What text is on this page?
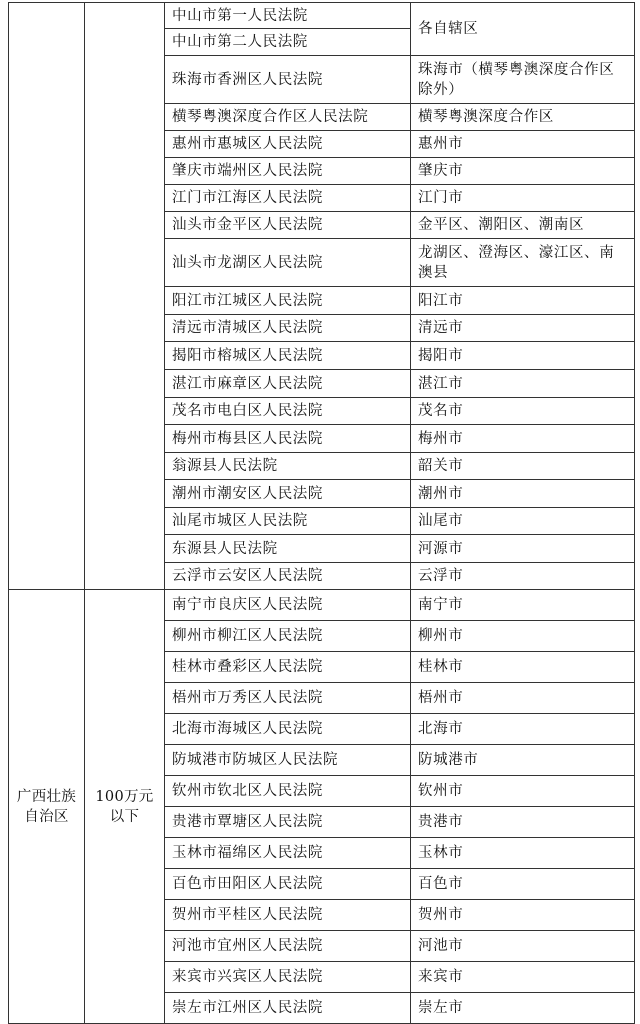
		中山市第一人民法院	各自辖区
		中山市第二人民法院	
		珠海市香洲区人民法院	珠海市（横琴粤澳深度合作区除外）
		横琴粤澳深度合作区人民法院	横琴粤澳深度合作区
		惠州市惠城区人民法院	惠州市
		肇庆市端州区人民法院	肇庆市
		江门市江海区人民法院	江门市
		汕头市金平区人民法院	金平区、潮阳区、潮南区
		汕头市龙湖区人民法院	龙湖区、澄海区、濠江区、南澳县
		阳江市江城区人民法院	阳江市
		清远市清城区人民法院	清远市
		揭阳市榕城区人民法院	揭阳市
		湛江市麻章区人民法院	湛江市
		茂名市电白区人民法院	茂名市
		梅州市梅县区人民法院	梅州市
		翁源县人民法院	韶关市
		潮州市潮安区人民法院	潮州市
		汕尾市城区人民法院	汕尾市
		东源县人民法院	河源市
		云浮市云安区人民法院	云浮市
广西壮族自治区	100万元以下	南宁市良庆区人民法院	南宁市
		柳州市柳江区人民法院	柳州市
		桂林市叠彩区人民法院	桂林市
		梧州市万秀区人民法院	梧州市
		北海市海城区人民法院	北海市
		防城港市防城区人民法院	防城港市
		钦州市钦北区人民法院	钦州市
		贵港市覃塘区人民法院	贵港市
		玉林市福绵区人民法院	玉林市
		百色市田阳区人民法院	百色市
		贺州市平桂区人民法院	贺州市
		河池市宜州区人民法院	河池市
		来宾市兴宾区人民法院	来宾市
		崇左市江州区人民法院	崇左市
